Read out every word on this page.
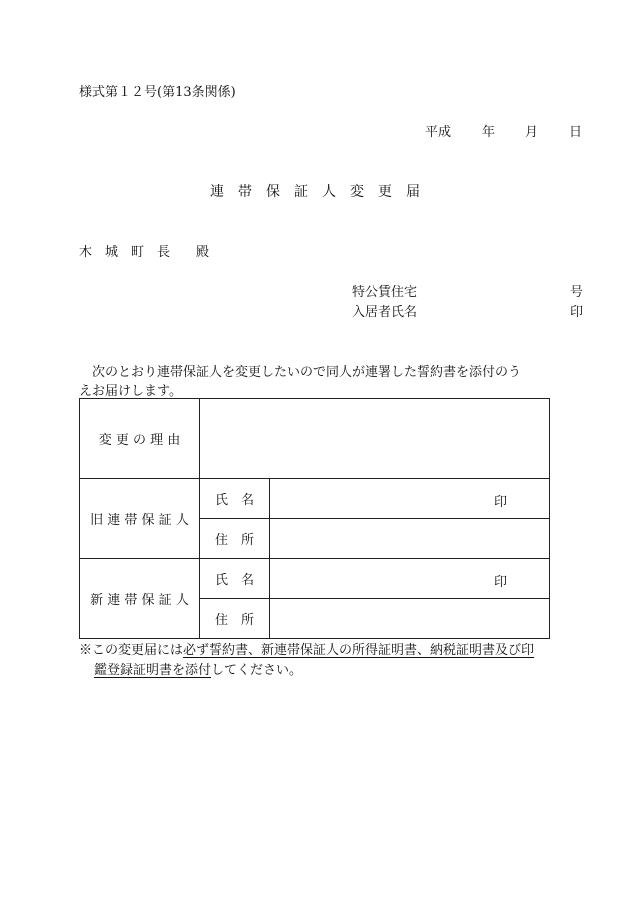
様式第１２号(第13条関係)
平成 年 月 日
連　帯　保　証　人　変　更　届
木　城　町　長　　殿
特公賃住宅	号
入居者氏名	印
　次のとおり連帯保証人を変更したいので同人が連署した誓約書を添付のう
えお届けします。
変 更 の 理 由		
旧 連 帯 保 証 人	氏　名	印

	住　所	
新 連 帯 保 証 人	氏　名	印

	住　所	
※この変更届には必ず誓約書、新連帯保証人の所得証明書、納税証明書及び印
鑑登録証明書を添付してください。
